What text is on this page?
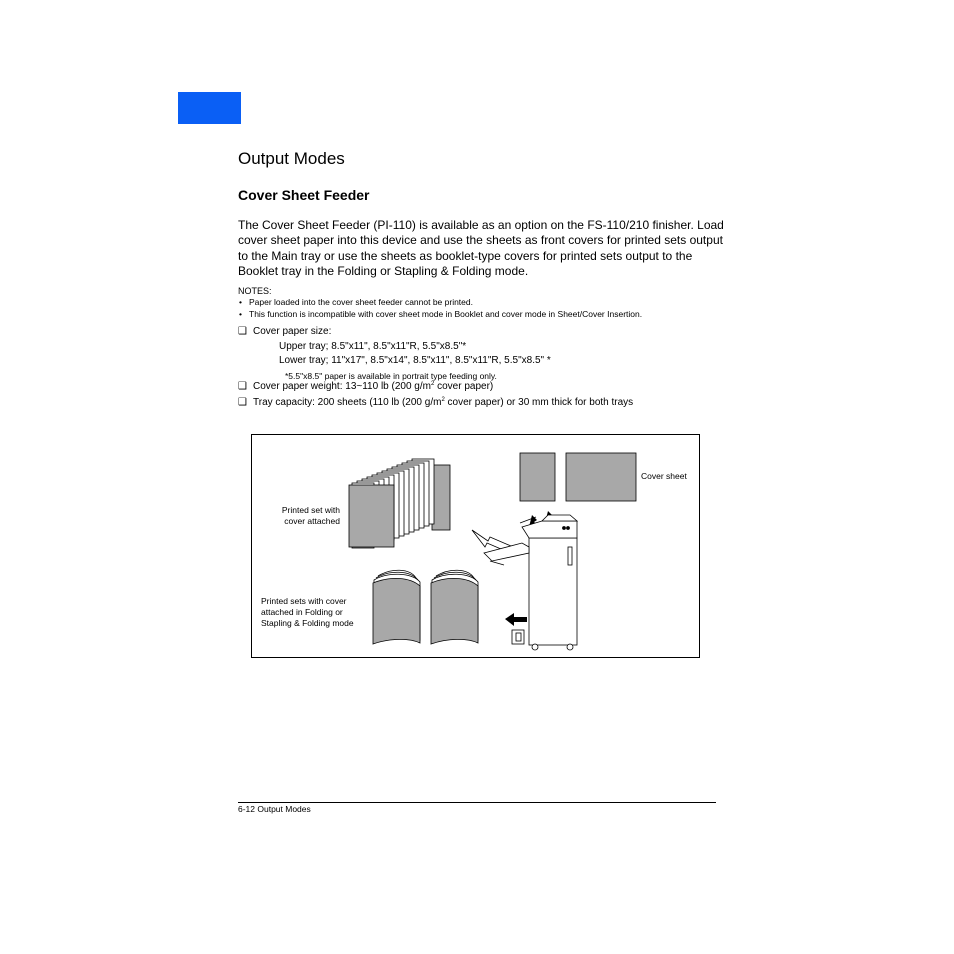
Output Modes
Cover Sheet Feeder

The Cover Sheet Feeder (PI-110) is available as an option on the FS-110/210 finisher. Load cover sheet paper into this device and use the sheets as front covers for printed sets output to the Main tray or use the sheets as booklet-type covers for printed sets output to the Booklet tray in the Folding or Stapling & Folding mode.

NOTES:
• Paper loaded into the cover sheet feeder cannot be printed.
• This function is incompatible with cover sheet mode in Booklet and cover mode in Sheet/Cover Insertion.
❑ Cover paper size:
Upper tray; 8.5"x11", 8.5"x11"R, 5.5"x8.5"*
Lower tray; 11"x17", 8.5"x14", 8.5"x11", 8.5"x11"R, 5.5"x8.5" *
*5.5"x8.5" paper is available in portrait type feeding only.
❑ Cover paper weight: 13~110 lb (200 $g/m^2$ cover paper)
❑ Tray capacity: 200 sheets (110 lb (200 $g/m^2$ cover paper) or 30 mm thick for both trays
Printed set with
cover attached
Printed sets with cover
attached in Folding or
Stapling & Folding mode
Cover sheet
6-12 Output Modes
